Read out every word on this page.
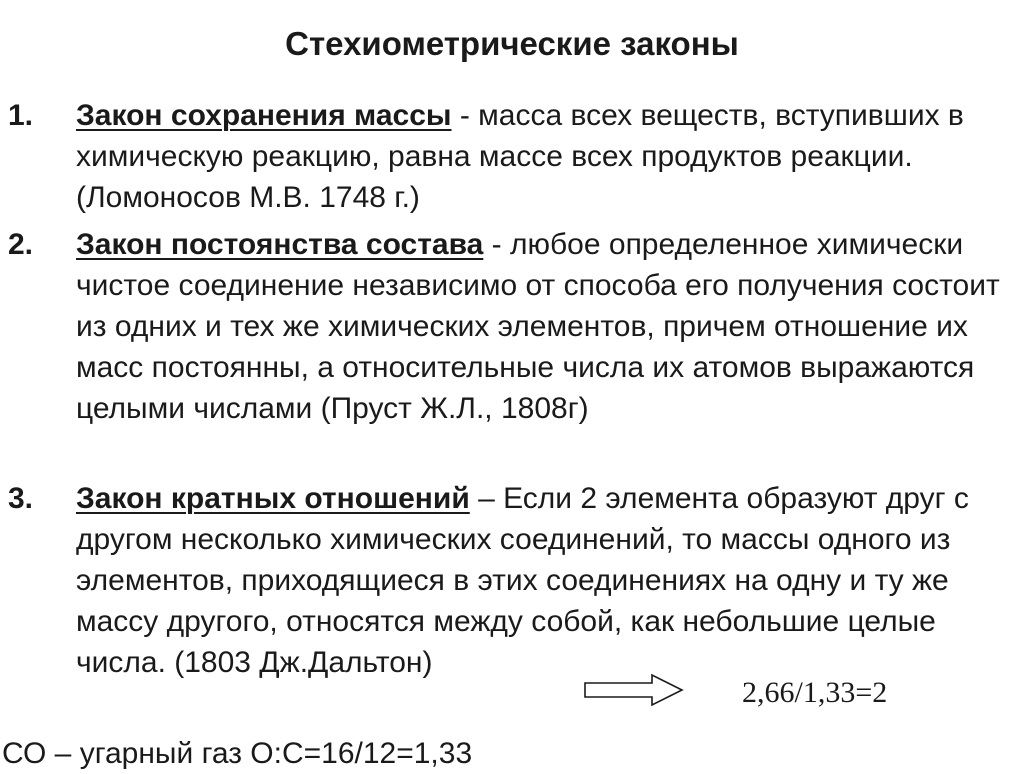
Стехиометрические законы
1. Закон сохранения массы - масса всех веществ, вступивших в химическую реакцию, равна массе всех продуктов реакции. (Ломоносов М.В. 1748 г.)
2. Закон постоянства состава - любое определенное химически чистое соединение независимо от способа его получения состоит из одних и тех же химических элементов, причем отношение их масс постоянны, а относительные числа их атомов выражаются целыми числами (Пруст Ж.Л., 1808г)
3. Закон кратных отношений – Если 2 элемента образуют друг с другом несколько химических соединений, то массы одного из элементов, приходящиеся в этих соединениях на одну и ту же массу другого, относятся между собой, как небольшие целые числа. (1803 Дж.Дальтон)
2,66/1,33=2
СО – угарный газ О:С=16/12=1,33
